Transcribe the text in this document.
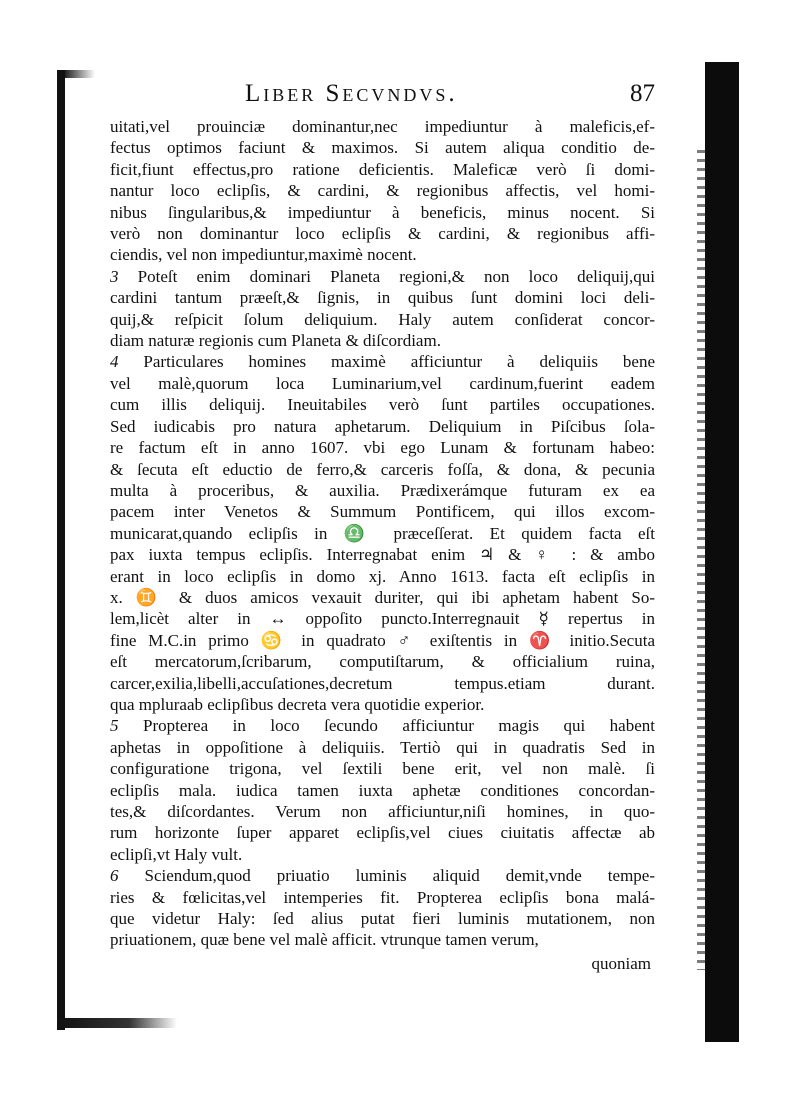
Liber Secvndvs.	87
uitati,vel prouinciæ dominantur,nec impediuntur à maleficis,ef-
fectus optimos faciunt & maximos. Si autem aliqua conditio de-
ficit,fiunt effectus,pro ratione deficientis. Maleficæ verò ſi domi-
nantur loco eclipſis, & cardini, & regionibus affectis, vel homi-
nibus ſingularibus,& impediuntur à beneficis, minus nocent. Si
verò non dominantur loco eclipſis & cardini, & regionibus affi-
ciendis, vel non impediuntur,maximè nocent.
3 Poteſt enim dominari Planeta regioni,& non loco deliquij,qui
cardini tantum præeſt,& ſignis, in quibus ſunt domini loci deli-
quij,& reſpicit ſolum deliquium. Haly autem conſiderat concor-
diam naturæ regionis cum Planeta & diſcordiam.
4 Particulares homines maximè afficiuntur à deliquiis bene
vel malè,quorum loca Luminarium,vel cardinum,fuerint eadem
cum illis deliquij. Ineuitabiles verò ſunt partiles occupationes.
Sed iudicabis pro natura aphetarum. Deliquium in Piſcibus ſola-
re factum eſt in anno 1607. vbi ego Lunam & fortunam habeo:
& ſecuta eſt eductio de ferro,& carceris foſſa, & dona, & pecunia
multa à proceribus, & auxilia. Prædixerámque futuram ex ea
pacem inter Venetos & Summum Pontificem, qui illos excom-
municarat,quando eclipſis in ♎ præceſſerat. Et quidem facta eſt
pax iuxta tempus eclipſis. Interregnabat enim ♃ & ♀ : & ambo
erant in loco eclipſis in domo xj. Anno 1613. facta eſt eclipſis in
x. ♊ & duos amicos vexauit duriter, qui ibi aphetam habent So-
lem,licèt alter in ↔ oppoſito puncto.Interregnauit ☿ repertus in
fine M.C.in primo ♋ in quadrato ♂ exiſtentis in ♈ initio.Secuta
eſt mercatorum,ſcribarum, computiſtarum, & officialium ruina,
carcer,exilia,libelli,accuſationes,decretum tempus.etiam durant.
qua mpluraab eclipſibus decreta vera quotidie experior.
5 Propterea in loco ſecundo afficiuntur magis qui habent
aphetas in oppoſitione à deliquiis. Tertiò qui in quadratis Sed in
configuratione trigona, vel ſextili bene erit, vel non malè. ſi
eclipſis mala. iudica tamen iuxta aphetæ conditiones concordan-
tes,& diſcordantes. Verum non afficiuntur,niſi homines, in quo-
rum horizonte ſuper apparet eclipſis,vel ciues ciuitatis affectæ ab
eclipſi,vt Haly vult.
6 Sciendum,quod priuatio luminis aliquid demit,vnde tempe-
ries & fœlicitas,vel intemperies fit. Propterea eclipſis bona malá-
que videtur Haly: ſed alius putat fieri luminis mutationem, non
priuationem, quæ bene vel malè afficit. vtrunque tamen verum,
quoniam
